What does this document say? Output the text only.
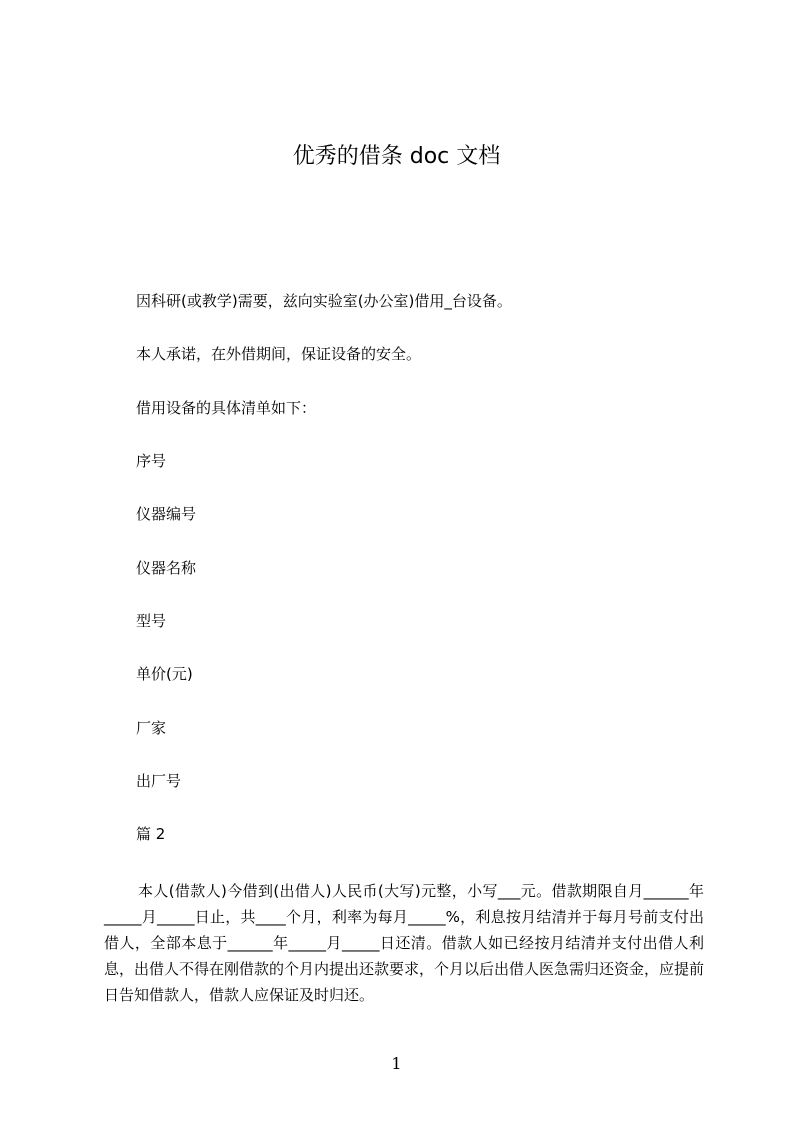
优秀的借条 doc 文档
因科研(或教学)需要，兹向实验室(办公室)借用_台设备。
本人承诺，在外借期间，保证设备的安全。
借用设备的具体清单如下：
序号
仪器编号
仪器名称
型号
单价(元)
厂家
出厂号
篇 2
本人(借款人)今借到(出借人)人民币(大写)元整，小写___元。借款期限自月______年_____月_____日止，共____个月，利率为每月_____%，利息按月结清并于每月号前支付出借人，全部本息于______年_____月_____日还清。借款人如已经按月结清并支付出借人利息，出借人不得在刚借款的个月内提出还款要求，个月以后出借人医急需归还资金，应提前日告知借款人，借款人应保证及时归还。
1
